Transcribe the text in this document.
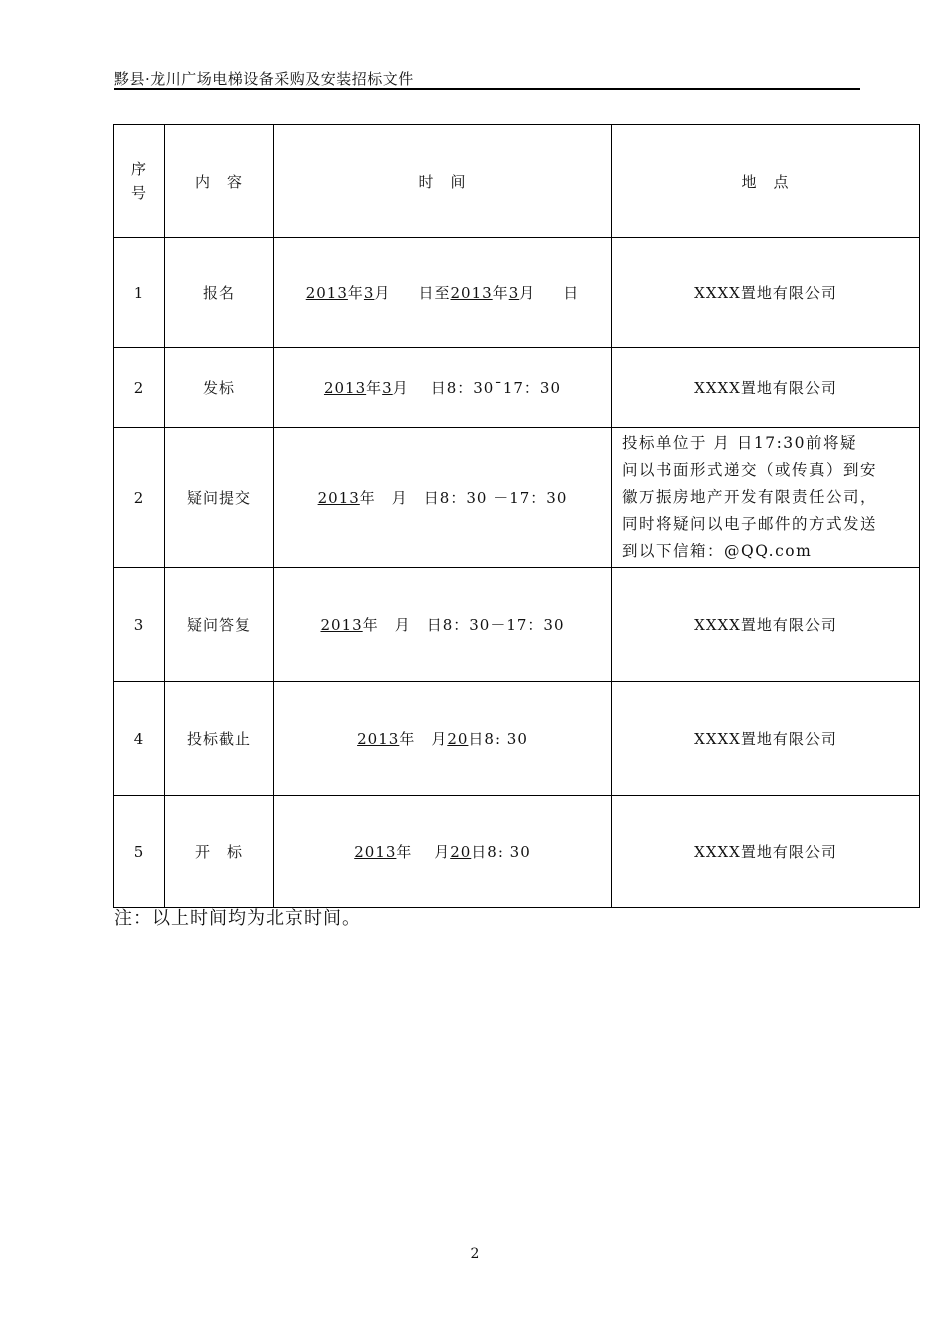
黟县·龙川广场电梯设备采购及安装招标文件
序
号	内　容	时　间	地　点
1	报名	2013年3月 日至2013年3月 日	XXXX置地有限公司
2	发标	2013年3月 日8：30¯17：30	XXXX置地有限公司
2	疑问提交	2013年　月　日8：30 －17：30	投标单位于 月 日17:30前将疑
问以书面形式递交（或传真）到安
徽万振房地产开发有限责任公司，
同时将疑问以电子邮件的方式发送
到以下信箱：@QQ.com

3	疑问答复	2013年　月　日8：30－17：30	XXXX置地有限公司
4	投标截止	2013年　月20日8: 30	XXXX置地有限公司
5	开　标	2013年　 月20日8: 30	XXXX置地有限公司
注：以上时间均为北京时间。
2
